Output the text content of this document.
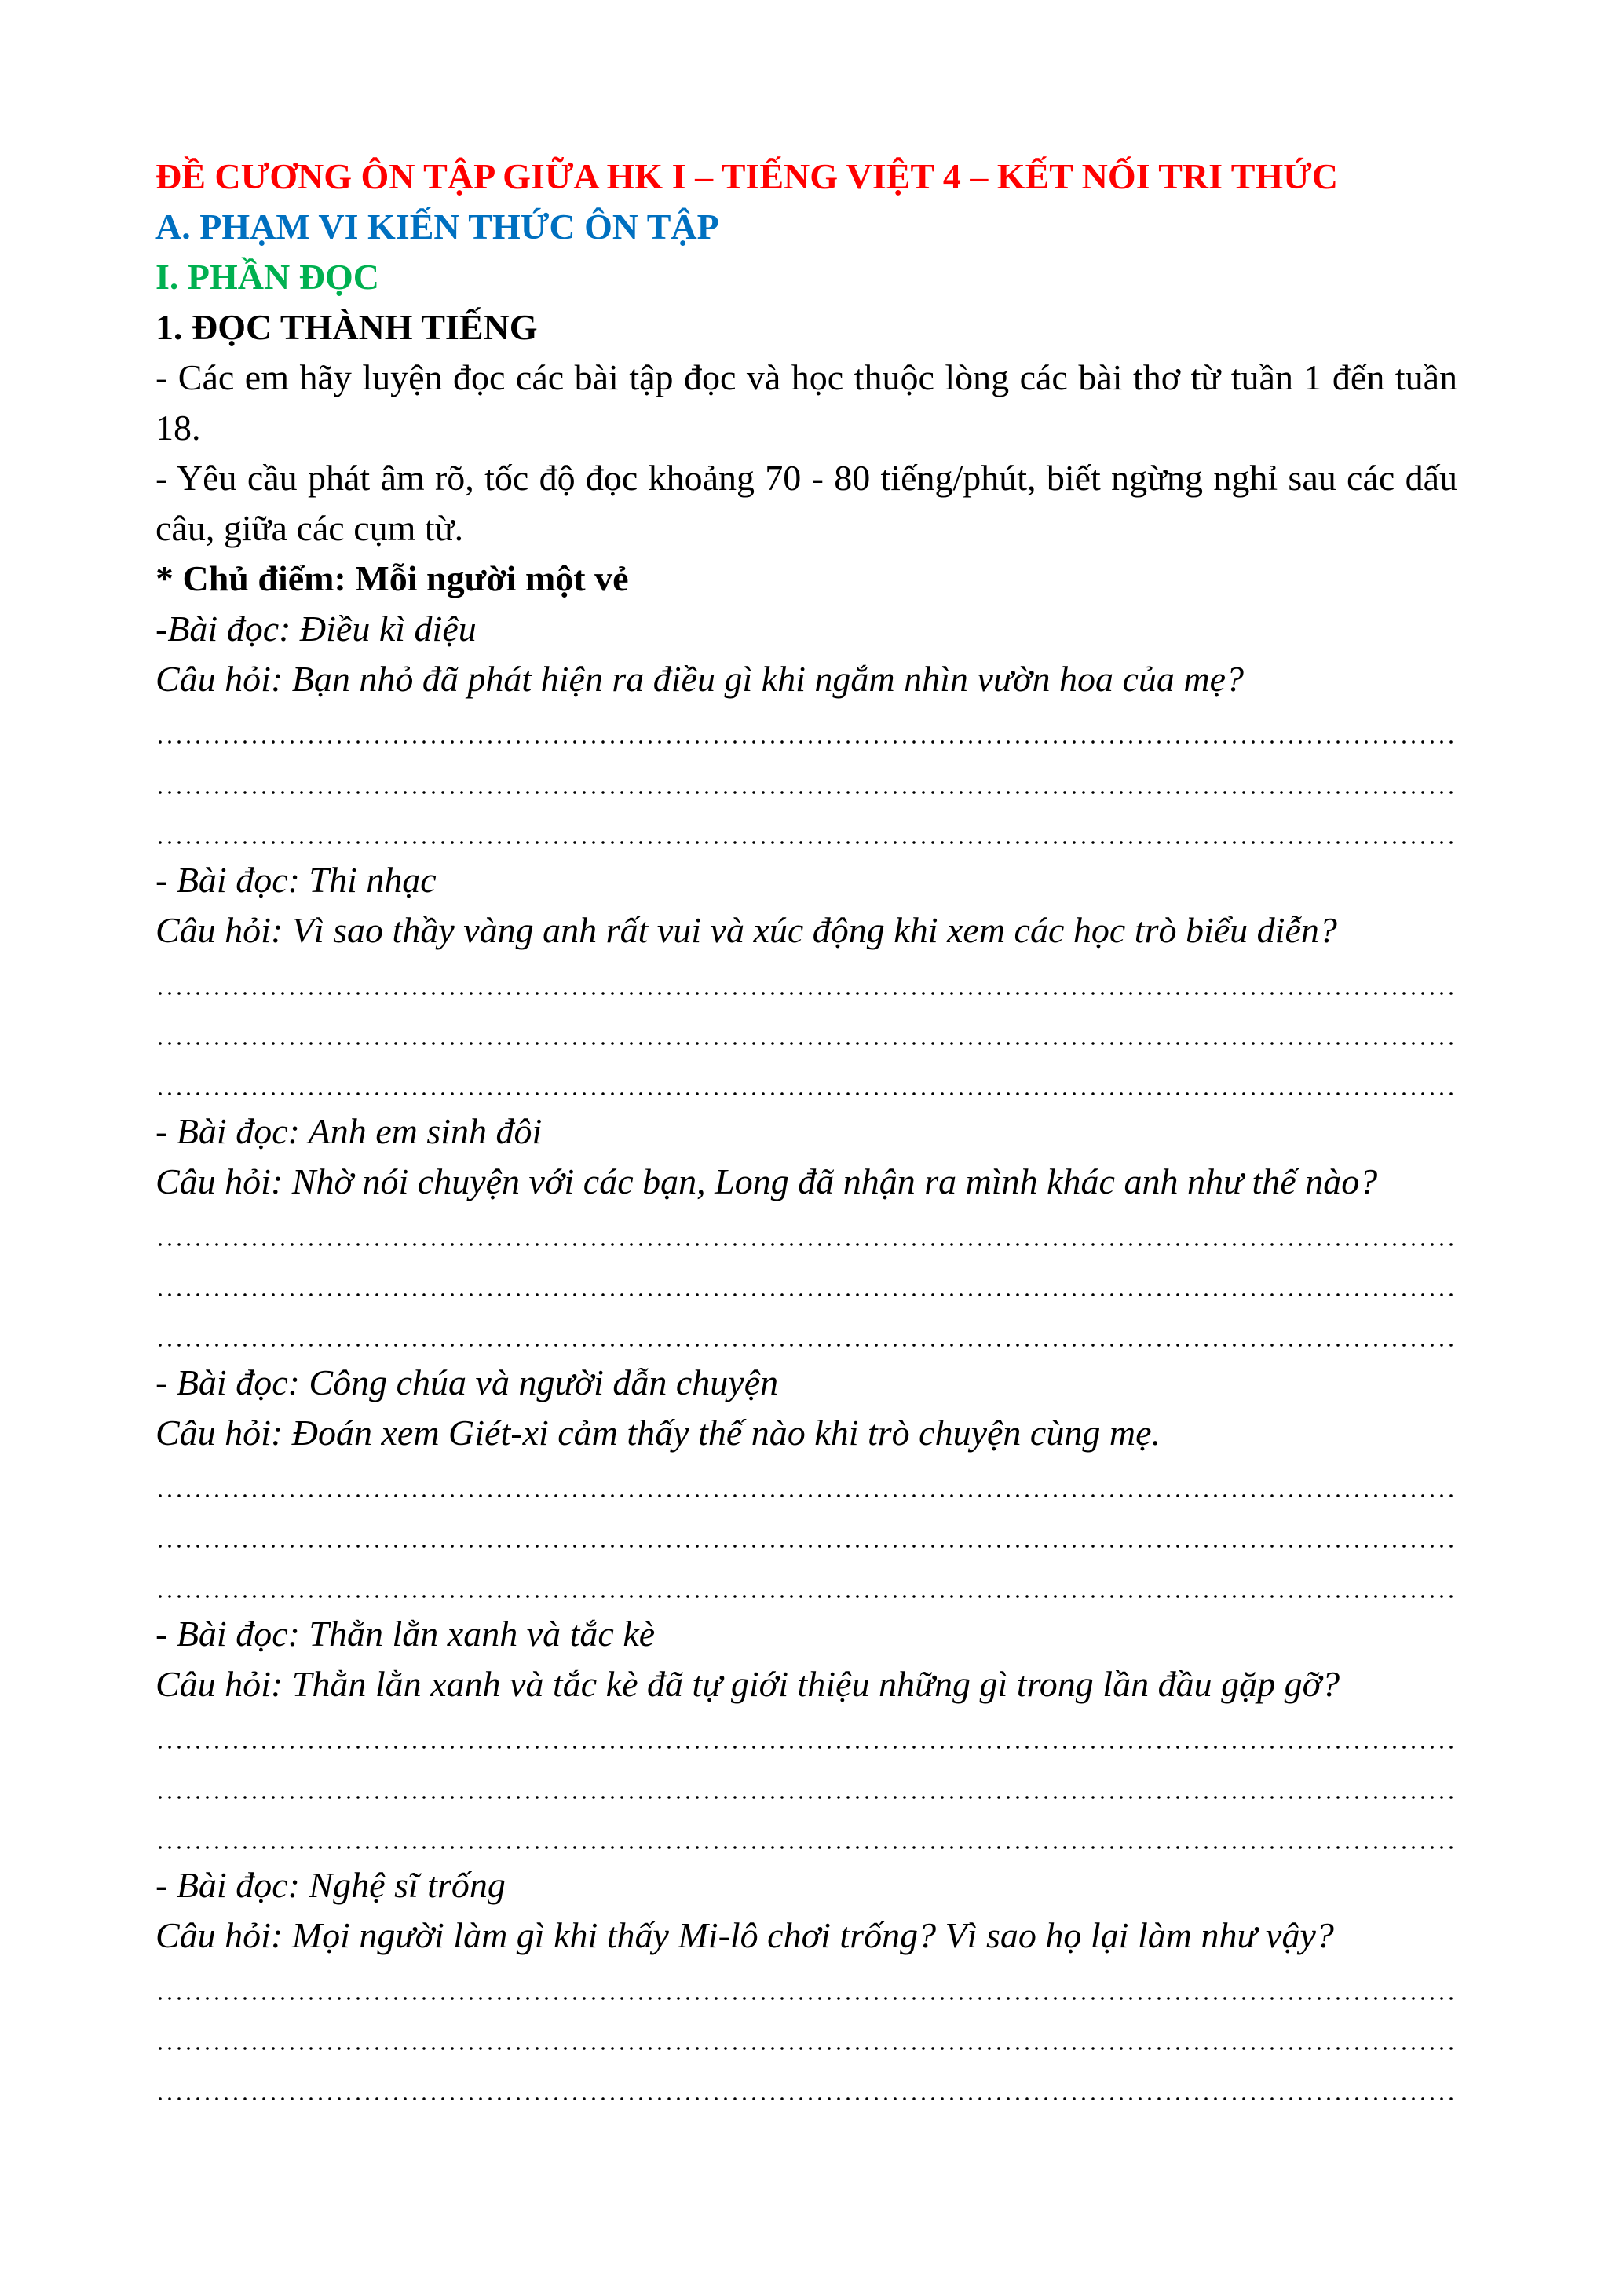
ĐỀ CƯƠNG ÔN TẬP GIỮA HK I – TIẾNG VIỆT 4 – KẾT NỐI TRI THỨC

A. PHẠM VI KIẾN THỨC ÔN TẬP

I. PHẦN ĐỌC

1. ĐỌC THÀNH TIẾNG

- Các em hãy luyện đọc các bài tập đọc và học thuộc lòng các bài thơ từ tuần 1 đến tuần 18.

- Yêu cầu phát âm rõ, tốc độ đọc khoảng 70 - 80 tiếng/phút, biết ngừng nghỉ sau các dấu câu, giữa các cụm từ.

* Chủ điểm: Mỗi người một vẻ

-Bài đọc: Điều kì diệu

Câu hỏi: Bạn nhỏ đã phát hiện ra điều gì khi ngắm nhìn vườn hoa của mẹ?

- Bài đọc: Thi nhạc

Câu hỏi: Vì sao thầy vàng anh rất vui và xúc động khi xem các học trò biểu diễn?

- Bài đọc: Anh em sinh đôi

Câu hỏi: Nhờ nói chuyện với các bạn, Long đã nhận ra mình khác anh như thế nào?

- Bài đọc: Công chúa và người dẫn chuyện

Câu hỏi: Đoán xem Giét-xi cảm thấy thế nào khi trò chuyện cùng mẹ.

- Bài đọc: Thằn lằn xanh và tắc kè

Câu hỏi: Thằn lằn xanh và tắc kè đã tự giới thiệu những gì trong lần đầu gặp gỡ?

- Bài đọc: Nghệ sĩ trống

Câu hỏi: Mọi người làm gì khi thấy Mi-lô chơi trống? Vì sao họ lại làm như vậy?
